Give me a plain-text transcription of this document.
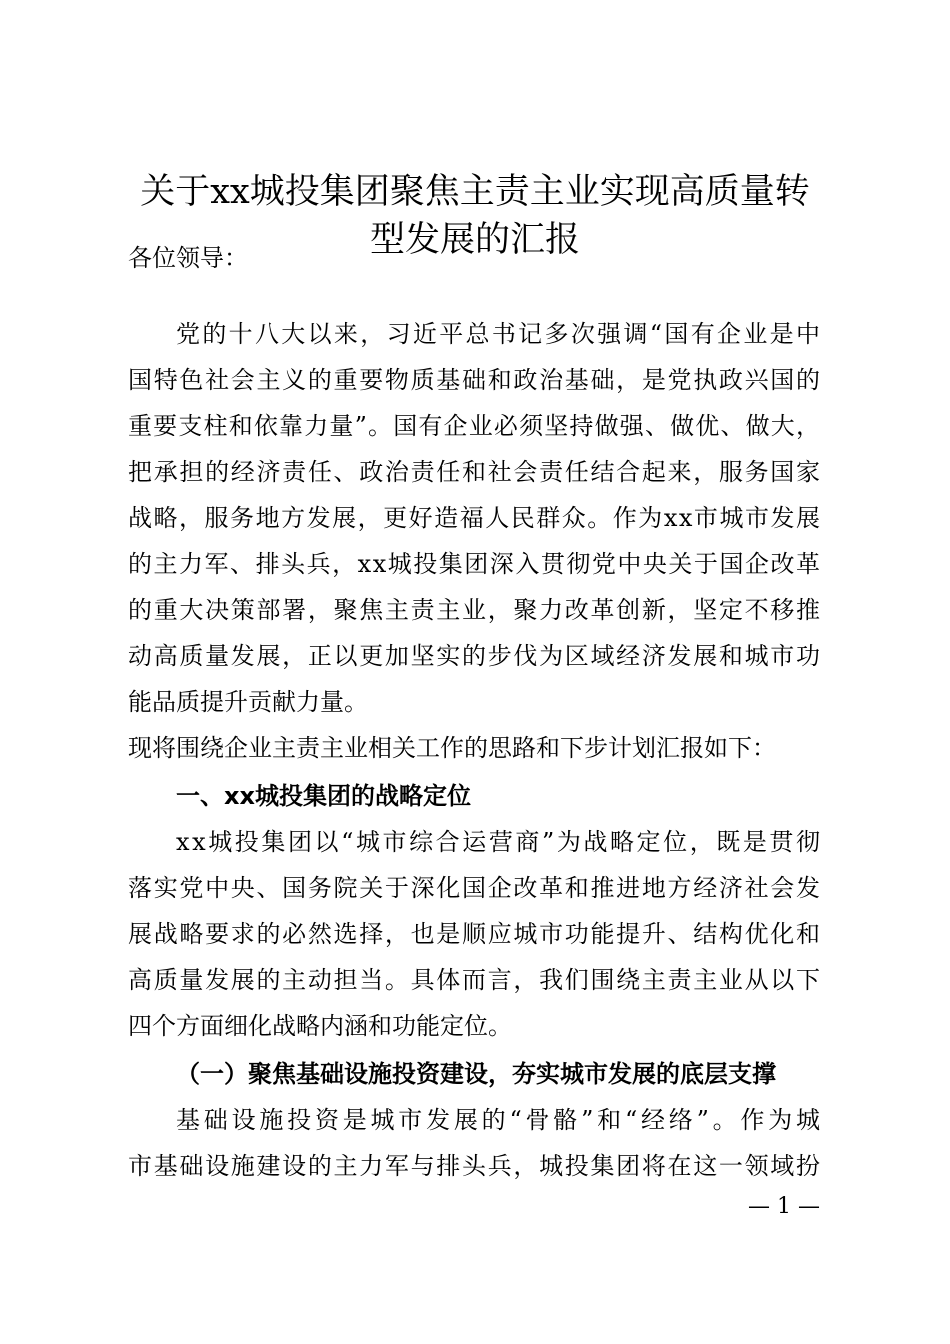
关于xx城投集团聚焦主责主业实现高质量转
型发展的汇报
各位领导：
党的十八大以来，习近平总书记多次强调“国有企业是中
国特色社会主义的重要物质基础和政治基础，是党执政兴国的
重要支柱和依靠力量”。国有企业必须坚持做强、做优、做大，
把承担的经济责任、政治责任和社会责任结合起来，服务国家
战略，服务地方发展，更好造福人民群众。作为xx市城市发展
的主力军、排头兵，xx城投集团深入贯彻党中央关于国企改革
的重大决策部署，聚焦主责主业，聚力改革创新，坚定不移推
动高质量发展，正以更加坚实的步伐为区域经济发展和城市功
能品质提升贡献力量。
现将围绕企业主责主业相关工作的思路和下步计划汇报如下：
一、xx城投集团的战略定位
xx城投集团以“城市综合运营商”为战略定位，既是贯彻
落实党中央、国务院关于深化国企改革和推进地方经济社会发
展战略要求的必然选择，也是顺应城市功能提升、结构优化和
高质量发展的主动担当。具体而言，我们围绕主责主业从以下
四个方面细化战略内涵和功能定位。
（一）聚焦基础设施投资建设，夯实城市发展的底层支撑
基础设施投资是城市发展的“骨骼”和“经络”。作为城
市基础设施建设的主力军与排头兵，城投集团将在这一领域扮
— 1 —
